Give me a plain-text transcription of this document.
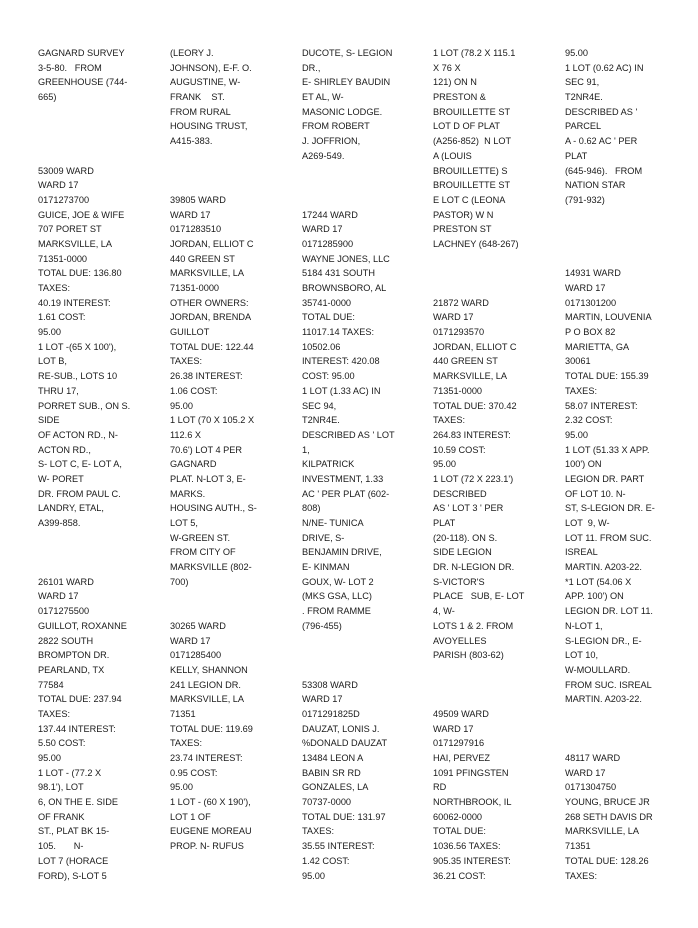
GAGNARD SURVEY
3-5-80.   FROM
GREENHOUSE (744-
665)
53009 WARD
WARD 17
0171273700
GUICE, JOE & WIFE
707 PORET ST
MARKSVILLE, LA
71351-0000
TOTAL DUE: 136.80
TAXES:
40.19 INTEREST:
1.61 COST:
95.00
1 LOT -(65 X 100'),
LOT B,
RE-SUB., LOTS 10
THRU 17,
PORRET SUB., ON S.
SIDE
OF ACTON RD., N-
ACTON RD.,
S- LOT C, E- LOT A,
W- PORET
DR. FROM PAUL C.
LANDRY, ETAL,
A399-858.
26101 WARD
WARD 17
0171275500
GUILLOT, ROXANNE
2822 SOUTH
BROMPTON DR.
PEARLAND, TX
77584
TOTAL DUE: 237.94
TAXES:
137.44 INTEREST:
5.50 COST:
95.00
1 LOT - (77.2 X
98.1'), LOT
6, ON THE E. SIDE
OF FRANK
ST., PLAT BK 15-
105.       N-
LOT 7 (HORACE
FORD), S-LOT 5
(LEORY J.
JOHNSON), E-F. O.
AUGUSTINE, W-
FRANK    ST.
FROM RURAL
HOUSING TRUST,
A415-383.
39805 WARD
WARD 17
0171283510
JORDAN, ELLIOT C
440 GREEN ST
MARKSVILLE, LA
71351-0000
OTHER OWNERS:
JORDAN, BRENDA
GUILLOT
TOTAL DUE: 122.44
TAXES:
26.38 INTEREST:
1.06 COST:
95.00
1 LOT (70 X 105.2 X
112.6 X
70.6') LOT 4 PER
GAGNARD
PLAT. N-LOT 3, E-
MARKS.
HOUSING AUTH., S-
LOT 5,
W-GREEN ST.
FROM CITY OF
MARKSVILLE (802-
700)
30265 WARD
WARD 17
0171285400
KELLY, SHANNON
241 LEGION DR.
MARKSVILLE, LA
71351
TOTAL DUE: 119.69
TAXES:
23.74 INTEREST:
0.95 COST:
95.00
1 LOT - (60 X 190'),
LOT 1 OF
EUGENE MOREAU
PROP. N- RUFUS
DUCOTE, S- LEGION
DR.,
E- SHIRLEY BAUDIN
ET AL, W-
MASONIC LODGE.
FROM ROBERT
J. JOFFRION,
A269-549.
17244 WARD
WARD 17
0171285900
WAYNE JONES, LLC
5184 431 SOUTH
BROWNSBORO, AL
35741-0000
TOTAL DUE:
11017.14 TAXES:
10502.06
INTEREST: 420.08
COST: 95.00
1 LOT (1.33 AC) IN
SEC 94,
T2NR4E.
DESCRIBED AS ' LOT
1,
KILPATRICK
INVESTMENT, 1.33
AC ' PER PLAT (602-
808)
N/NE- TUNICA
DRIVE, S-
BENJAMIN DRIVE,
E- KINMAN
GOUX, W- LOT 2
(MKS GSA, LLC)
. FROM RAMME
(796-455)
53308 WARD
WARD 17
0171291825D
DAUZAT, LONIS J.
%DONALD DAUZAT
13484 LEON A
BABIN SR RD
GONZALES, LA
70737-0000
TOTAL DUE: 131.97
TAXES:
35.55 INTEREST:
1.42 COST:
95.00
1 LOT (78.2 X 115.1
X 76 X
121) ON N
PRESTON &
BROUILLETTE ST
LOT D OF PLAT
(A256-852)  N LOT
A (LOUIS
BROUILLETTE) S
BROUILLETTE ST
E LOT C (LEONA
PASTOR) W N
PRESTON ST
LACHNEY (648-267)
21872 WARD
WARD 17
0171293570
JORDAN, ELLIOT C
440 GREEN ST
MARKSVILLE, LA
71351-0000
TOTAL DUE: 370.42
TAXES:
264.83 INTEREST:
10.59 COST:
95.00
1 LOT (72 X 223.1')
DESCRIBED
AS ' LOT 3 ' PER
PLAT
(20-118). ON S.
SIDE LEGION
DR. N-LEGION DR.
S-VICTOR'S
PLACE   SUB, E- LOT
4, W-
LOTS 1 & 2. FROM
AVOYELLES
PARISH (803-62)
49509 WARD
WARD 17
0171297916
HAI, PERVEZ
1091 PFINGSTEN
RD
NORTHBROOK, IL
60062-0000
TOTAL DUE:
1036.56 TAXES:
905.35 INTEREST:
36.21 COST:
95.00
1 LOT (0.62 AC) IN
SEC 91,
T2NR4E.
DESCRIBED AS '
PARCEL
A - 0.62 AC ' PER
PLAT
(645-946).   FROM
NATION STAR
(791-932)
14931 WARD
WARD 17
0171301200
MARTIN, LOUVENIA
P O BOX 82
MARIETTA, GA
30061
TOTAL DUE: 155.39
TAXES:
58.07 INTEREST:
2.32 COST:
95.00
1 LOT (51.33 X APP.
100') ON
LEGION DR. PART
OF LOT 10. N-
ST, S-LEGION DR. E-
LOT  9, W-
LOT 11. FROM SUC.
ISREAL
MARTIN. A203-22.
*1 LOT (54.06 X
APP. 100') ON
LEGION DR. LOT 11.
N-LOT 1,
S-LEGION DR., E-
LOT 10,
W-MOULLARD.
FROM SUC. ISREAL
MARTIN. A203-22.
48117 WARD
WARD 17
0171304750
YOUNG, BRUCE JR
268 SETH DAVIS DR
MARKSVILLE, LA
71351
TOTAL DUE: 128.26
TAXES:
